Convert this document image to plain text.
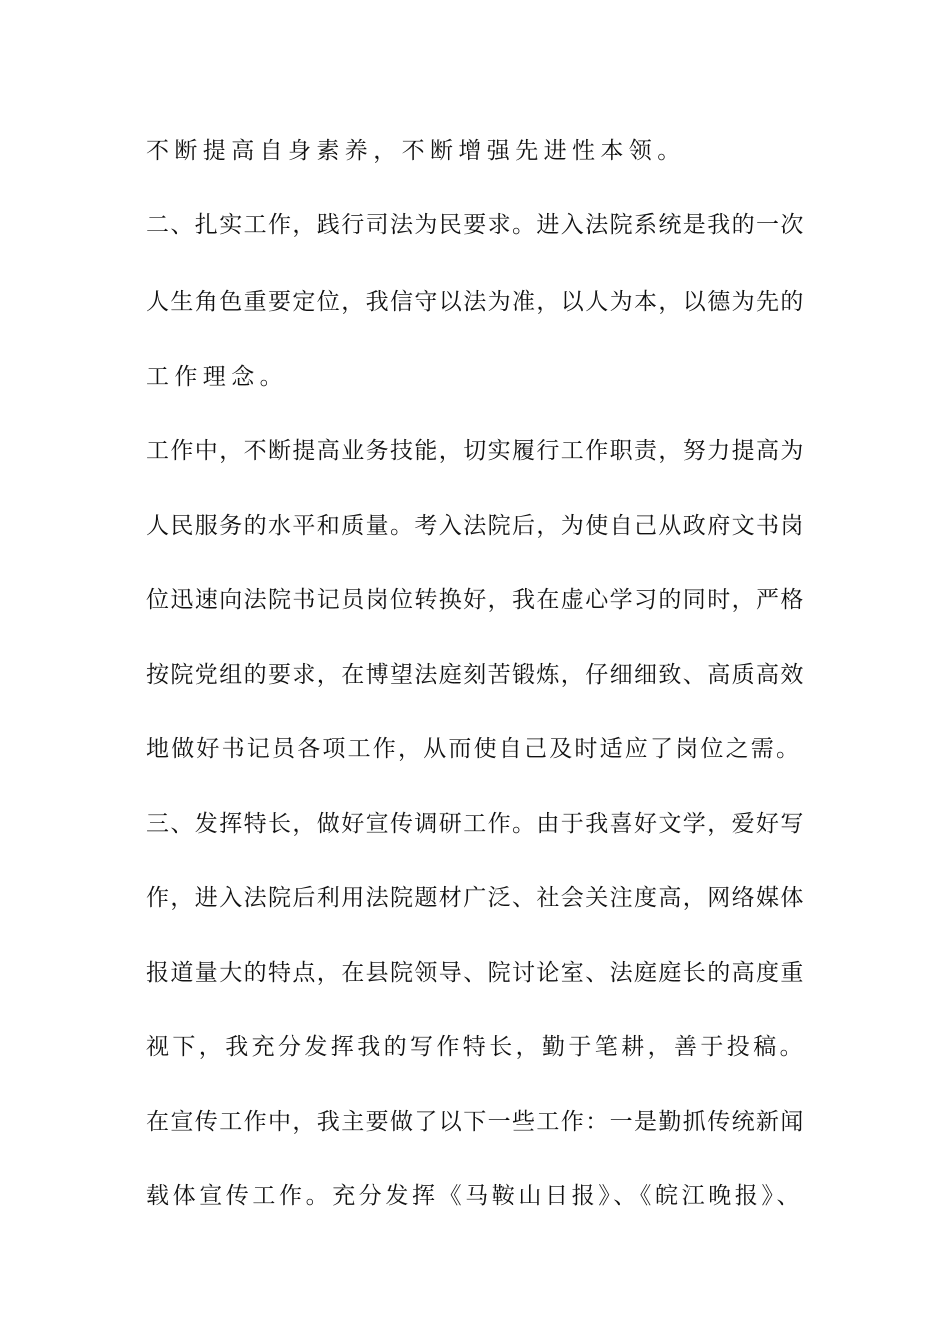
不断提高自身素养，不断增强先进性本领。
二、扎实工作，践行司法为民要求。进入法院系统是我的一次
人生角色重要定位，我信守以法为准，以人为本，以德为先的
工作理念。
工作中，不断提高业务技能，切实履行工作职责，努力提高为
人民服务的水平和质量。考入法院后，为使自己从政府文书岗
位迅速向法院书记员岗位转换好，我在虚心学习的同时，严格
按院党组的要求，在博望法庭刻苦锻炼，仔细细致、高质高效
地做好书记员各项工作，从而使自己及时适应了岗位之需。
三、发挥特长，做好宣传调研工作。由于我喜好文学，爱好写
作，进入法院后利用法院题材广泛、社会关注度高，网络媒体
报道量大的特点，在县院领导、院讨论室、法庭庭长的高度重
视下，我充分发挥我的写作特长，勤于笔耕，善于投稿。
在宣传工作中，我主要做了以下一些工作：一是勤抓传统新闻
载体宣传工作。充分发挥《马鞍山日报》、《皖江晚报》、
